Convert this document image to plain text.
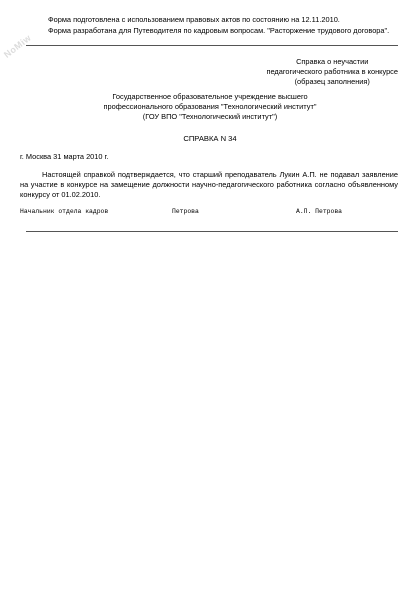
NoMiw
Форма подготовлена с использованием правовых актов по состоянию на 12.11.2010.
Форма разработана для Путеводителя по кадровым вопросам. "Расторжение трудового договора".
Справка о неучастии
педагогического работника в конкурсе
(образец заполнения)
Государственное образовательное учреждение высшего
профессионального образования "Технологический институт"
(ГОУ ВПО "Технологический институт")
СПРАВКА N 34
г. Москва 31 марта 2010 г.
Настоящей справкой подтверждается, что старший преподаватель Лукин А.П. не подавал заявление на участие в конкурсе на замещение должности научно-педагогического работника согласно объявленному конкурсу от 01.02.2010.
Начальник отдела кадров	Петрова	А.П. Петрова
